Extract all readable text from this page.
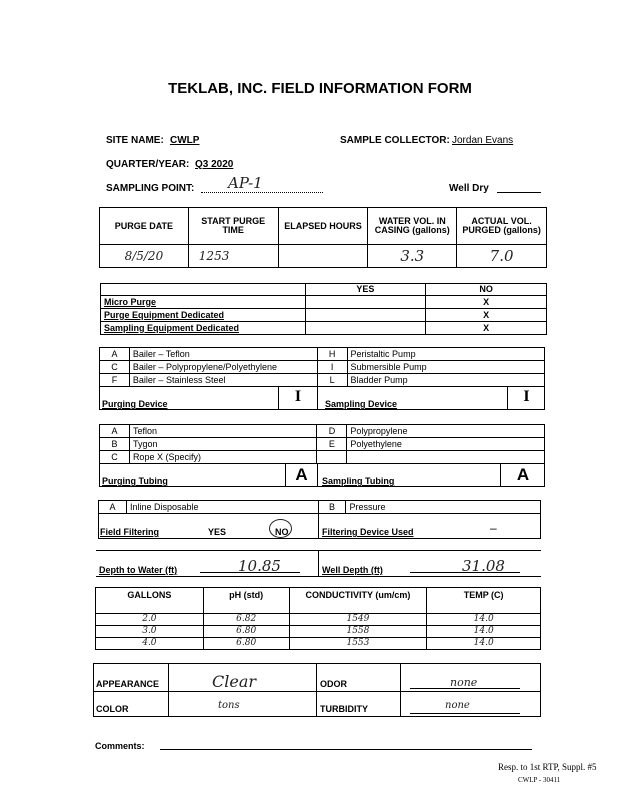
TEKLAB, INC. FIELD INFORMATION FORM
SITE NAME: CWLP	SAMPLE COLLECTOR: Jordan Evans
QUARTER/YEAR: Q3 2020
SAMPLING POINT: AP-1	Well Dry
PURGE DATE	START PURGE TIME	ELAPSED HOURS	WATER VOL. IN CASING (gallons)	ACTUAL VOL. PURGED (gallons)
8/5/20	1253		3.3	7.0
	YES	NO
Micro Purge		X
Purge Equipment Dedicated		X
Sampling Equipment Dedicated		X
A	Bailer – Teflon	H	Peristaltic Pump
C	Bailer – Polypropylene/Polyethylene	I	Submersible Pump
F	Bailer – Stainless Steel	L	Bladder Pump
Purging Device	I	Sampling Device	I
A	Teflon	D	Polypropylene
B	Tygon	E	Polyethylene
C	Rope X (Specify)		
Purging Tubing	A	Sampling Tubing	A
A	Inline Disposable	B	Pressure
Field Filtering	YES	NO	Filtering Device Used	–
Depth to Water (ft)	10.85	Well Depth (ft)	31.08
GALLONS	pH (std)	CONDUCTIVITY (um/cm)	TEMP (C)
2.0	6.82	1549	14.0
3.0	6.80	1558	14.0
4.0	6.80	1553	14.0
APPEARANCE	Clear	ODOR	none
COLOR	tons	TURBIDITY	none
Comments:
Resp. to 1st RTP, Suppl. #5
CWLP - 30411
